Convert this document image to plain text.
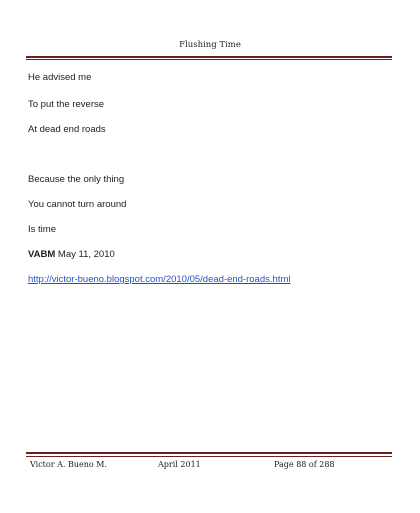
Flushing Time
He advised me
To put the reverse
At dead end roads
Because the only thing
You cannot turn around
Is time
VABM May 11, 2010
http://victor-bueno.blogspot.com/2010/05/dead-end-roads.html
Victor A. Bueno M.	April 2011	Page 88 of 288
